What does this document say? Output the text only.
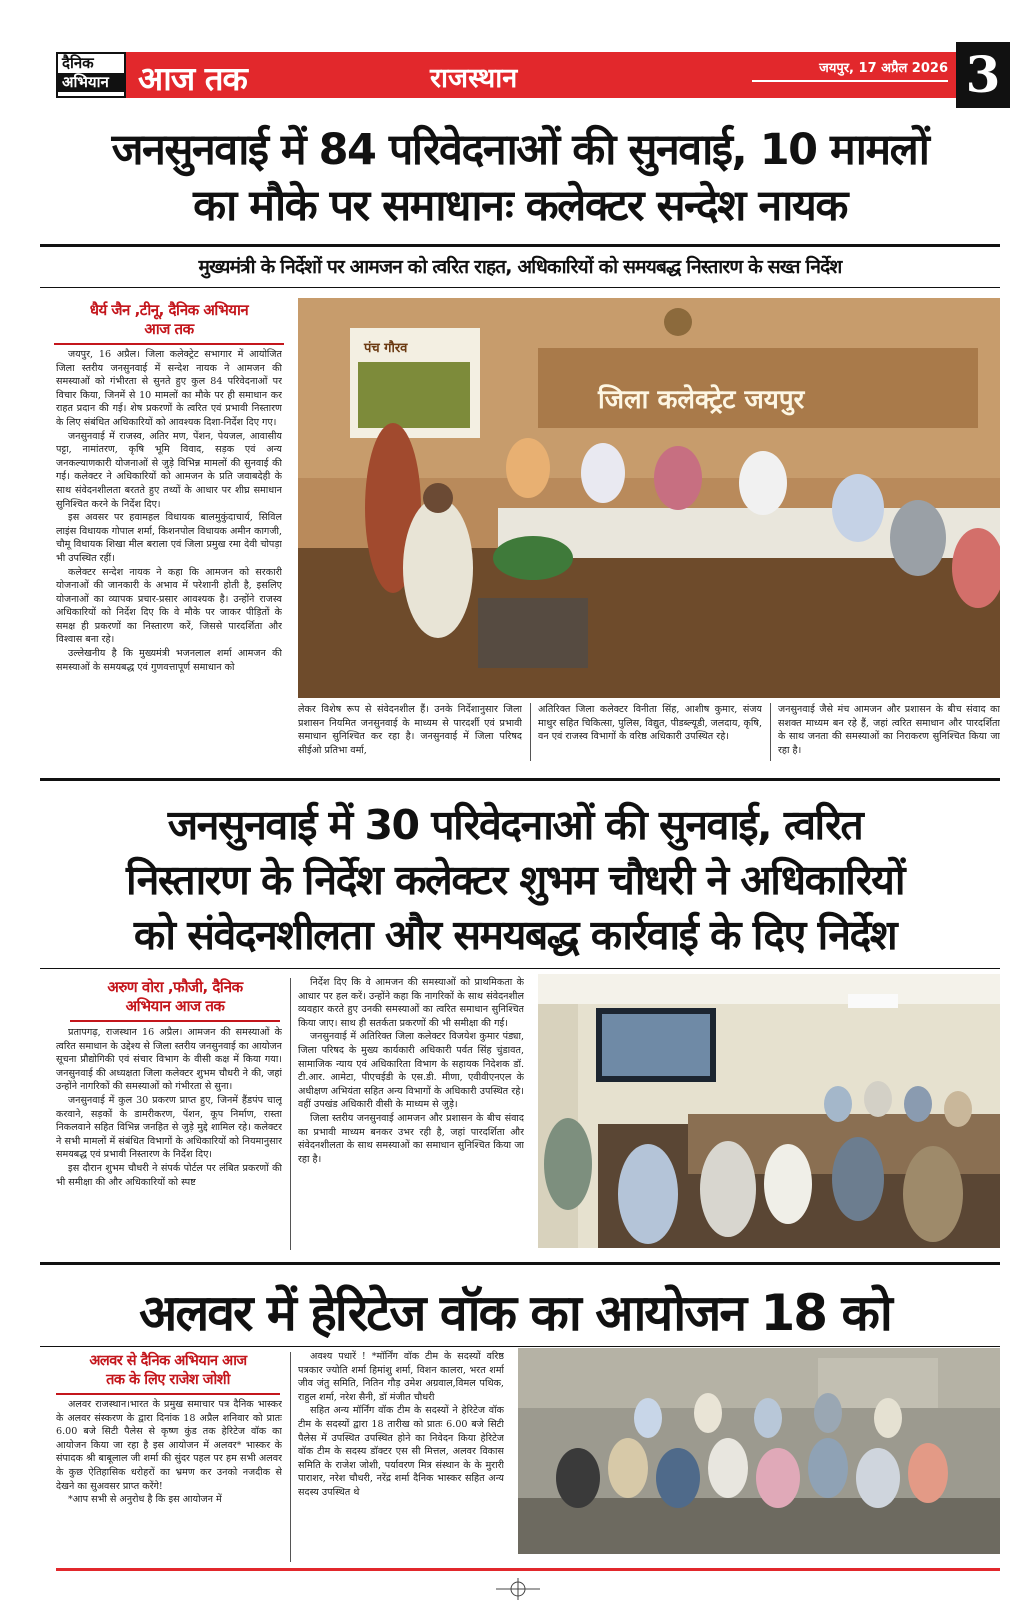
दैनिक
अभियान आज तक	राजस्थान	जयपुर, 17 अप्रैल 2026 3
जनसुनवाई में 84 परिवेदनाओं की सुनवाई, 10 मामलों
का मौके पर समाधानः कलेक्टर सन्देश नायक
मुख्यमंत्री के निर्देशों पर आमजन को त्वरित राहत, अधिकारियों को समयबद्ध निस्तारण के सख्त निर्देश
धैर्य जैन ,टीनू, दैनिक अभियान
आज तक

जयपुर, 16 अप्रैल। जिला कलेक्ट्रेट सभागार में आयोजित जिला स्तरीय जनसुनवाई में सन्देश नायक ने आमजन की समस्याओं को गंभीरता से सुनते हुए कुल 84 परिवेदनाओं पर विचार किया, जिनमें से 10 मामलों का मौके पर ही समाधान कर राहत प्रदान की गई। शेष प्रकरणों के त्वरित एवं प्रभावी निस्तारण के लिए संबंधित अधिकारियों को आवश्यक दिशा-निर्देश दिए गए।

जनसुनवाई में राजस्व, अतिर मण, पेंशन, पेयजल, आवासीय पट्टा, नामांतरण, कृषि भूमि विवाद, सड़क एवं अन्य जनकल्याणकारी योजनाओं से जुड़े विभिन्न मामलों की सुनवाई की गई। कलेक्टर ने अधिकारियों को आमजन के प्रति जवाबदेही के साथ संवेदनशीलता बरतते हुए तथ्यों के आधार पर शीघ्र समाधान सुनिश्चित करने के निर्देश दिए।

इस अवसर पर हवामहल विधायक बालमुकुंदाचार्य, सिविल लाइंस विधायक गोपाल शर्मा, किशनपोल विधायक अमीन कागजी, चौमू विधायक शिखा मील बराला एवं जिला प्रमुख रमा देवी चोपड़ा भी उपस्थित रहीं।

कलेक्टर सन्देश नायक ने कहा कि आमजन को सरकारी योजनाओं की जानकारी के अभाव में परेशानी होती है, इसलिए योजनाओं का व्यापक प्रचार-प्रसार आवश्यक है। उन्होंने राजस्व अधिकारियों को निर्देश दिए कि वे मौके पर जाकर पीड़ितों के समक्ष ही प्रकरणों का निस्तारण करें, जिससे पारदर्शिता और विश्वास बना रहे।

उल्लेखनीय है कि मुख्यमंत्री भजनलाल शर्मा आमजन की समस्याओं के समयबद्ध एवं गुणवत्तापूर्ण समाधान को

जिला कलेक्ट्रेट जयपुर
पंच गौरव
लेकर विशेष रूप से संवेदनशील हैं। उनके निर्देशानुसार जिला प्रशासन नियमित जनसुनवाई के माध्यम से पारदर्शी एवं प्रभावी समाधान सुनिश्चित कर रहा है। जनसुनवाई में जिला परिषद सीईओ प्रतिभा वर्मा,
अतिरिक्त जिला कलेक्टर विनीता सिंह, आशीष कुमार, संजय माथुर सहित चिकित्सा, पुलिस, विद्युत, पीडब्ल्यूडी, जलदाय, कृषि, वन एवं राजस्व विभागों के वरिष्ठ अधिकारी उपस्थित रहे।
जनसुनवाई जैसे मंच आमजन और प्रशासन के बीच संवाद का सशक्त माध्यम बन रहे हैं, जहां त्वरित समाधान और पारदर्शिता के साथ जनता की समस्याओं का निराकरण सुनिश्चित किया जा रहा है।
जनसुनवाई में 30 परिवेदनाओं की सुनवाई, त्वरित
निस्तारण के निर्देश कलेक्टर शुभम चौधरी ने अधिकारियों
को संवेदनशीलता और समयबद्ध कार्रवाई के दिए निर्देश
अरुण वोरा ,फौजी, दैनिक
अभियान आज तक

प्रतापगढ़, राजस्थान 16 अप्रैल। आमजन की समस्याओं के त्वरित समाधान के उद्देश्य से जिला स्तरीय जनसुनवाई का आयोजन सूचना प्रौद्योगिकी एवं संचार विभाग के वीसी कक्ष में किया गया। जनसुनवाई की अध्यक्षता जिला कलेक्टर शुभम चौधरी ने की, जहां उन्होंने नागरिकों की समस्याओं को गंभीरता से सुना।

जनसुनवाई में कुल 30 प्रकरण प्राप्त हुए, जिनमें हैंडपंप चालू करवाने, सड़कों के डामरीकरण, पेंशन, कूप निर्माण, रास्ता निकलवाने सहित विभिन्न जनहित से जुड़े मुद्दे शामिल रहे। कलेक्टर ने सभी मामलों में संबंधित विभागों के अधिकारियों को नियमानुसार समयबद्ध एवं प्रभावी निस्तारण के निर्देश दिए।

इस दौरान शुभम चौधरी ने संपर्क पोर्टल पर लंबित प्रकरणों की भी समीक्षा की और अधिकारियों को स्पष्ट

निर्देश दिए कि वे आमजन की समस्याओं को प्राथमिकता के आधार पर हल करें। उन्होंने कहा कि नागरिकों के साथ संवेदनशील व्यवहार करते हुए उनकी समस्याओं का त्वरित समाधान सुनिश्चित किया जाए। साथ ही सतर्कता प्रकरणों की भी समीक्षा की गई।

जनसुनवाई में अतिरिक्त जिला कलेक्टर विजयेश कुमार पंड्या, जिला परिषद के मुख्य कार्यकारी अधिकारी पर्वत सिंह चुंडावत, सामाजिक न्याय एवं अधिकारिता विभाग के सहायक निदेशक डॉ. टी.आर. आमेटा, पीएचईडी के एस.डी. मीणा, एवीवीएनएल के अधीक्षण अभियंता सहित अन्य विभागों के अधिकारी उपस्थित रहे। वहीं उपखंड अधिकारी वीसी के माध्यम से जुड़े।

जिला स्तरीय जनसुनवाई आमजन और प्रशासन के बीच संवाद का प्रभावी माध्यम बनकर उभर रही है, जहां पारदर्शिता और संवेदनशीलता के साथ समस्याओं का समाधान सुनिश्चित किया जा रहा है।

अलवर में हेरिटेज वॉक का आयोजन 18 को
अलवर से दैनिक अभियान आज
तक के लिए राजेश जोशी

अलवर राजस्थान।भारत के प्रमुख समाचार पत्र दैनिक भास्कर के अलवर संस्करण के द्वारा दिनांक 18 अप्रैल शनिवार को प्रातः 6.00 बजे सिटी पैलेस से कृष्ण कुंड तक हेरिटेज वॉक का आयोजन किया जा रहा है इस आयोजन में अलवर* भास्कर के संपादक श्री बाबूलाल जी शर्मा की सुंदर पहल पर हम सभी अलवर के कुछ ऐतिहासिक धरोहरों का भ्रमण कर उनको नजदीक से देखने का सुअवसर प्राप्त करेंगे!

*आप सभी से अनुरोध है कि इस आयोजन में

अवश्य पधारें ! *मॉर्निंग वॉक टीम के सदस्यों वरिष्ठ पत्रकार ज्योति शर्मा हिमांशु शर्मा, विशन कालरा, भरत शर्मा जीव जंतु समिति, नितिन गौड़ उमेश अग्रवाल,विमल पथिक, राहुल शर्मा, नरेश सैनी, डॉ मंजीत चौधरी

सहित अन्य मॉर्निंग वॉक टीम के सदस्यों ने हेरिटेज वॉक टीम के सदस्यों द्वारा 18 तारीख को प्रातः 6.00 बजे सिटी पैलेस में उपस्थित उपस्थित होने का निवेदन किया हेरिटेज वॉक टीम के सदस्य डॉक्टर एस सी मित्तल, अलवर विकास समिति के राजेश जोशी, पर्यावरण मित्र संस्थान के के मुरारी पाराशर, नरेश चौधरी, नरेंद्र शर्मा दैनिक भास्कर सहित अन्य सदस्य उपस्थित थे
